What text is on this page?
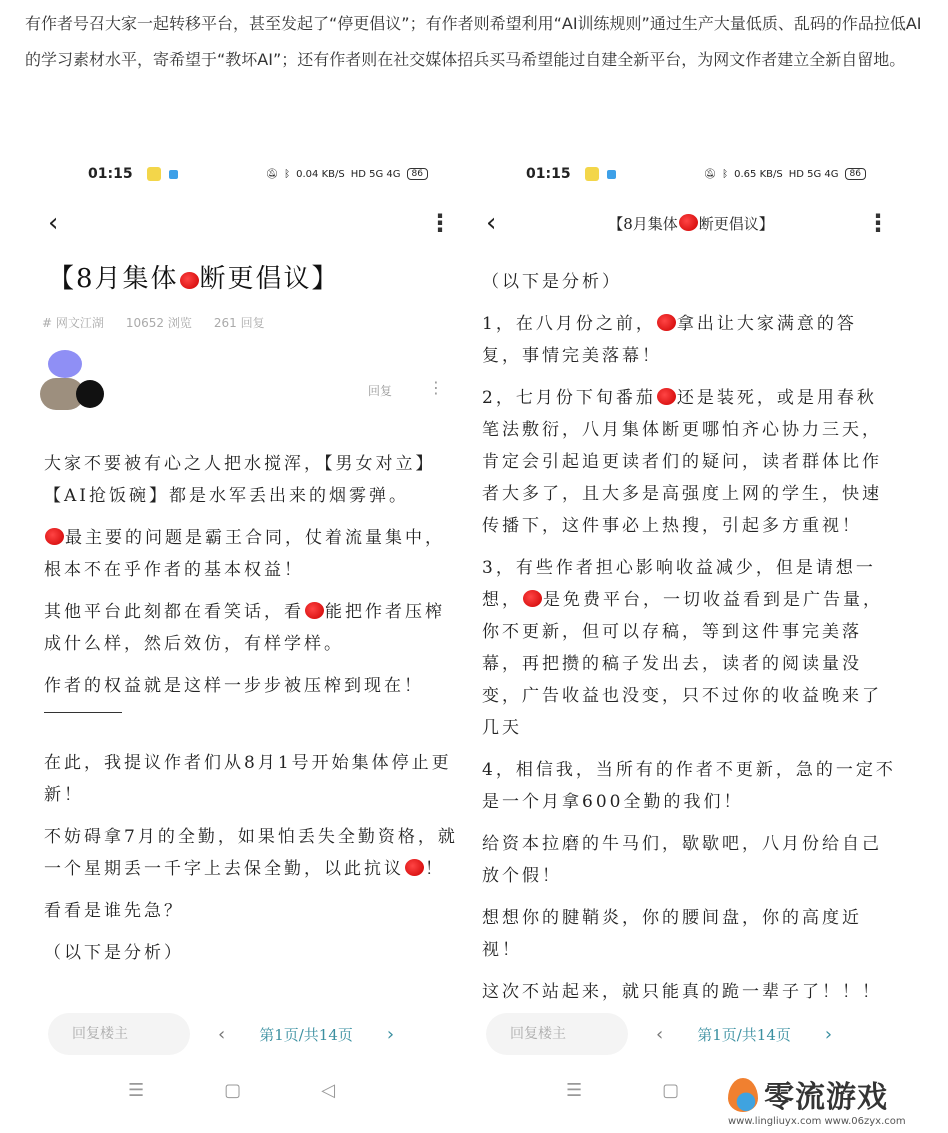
有作者号召大家一起转移平台，甚至发起了“停更倡议”；有作者则希望利用“AI训练规则”通过生产大量低质、乱码的作品拉低AI的学习素材水平，寄希望于“教坏AI”；还有作者则在社交媒体招兵买马希望能过自建全新平台，为网文作者建立全新自留地。
01:15	🔕︎ ᛒ 0.04 KB/S HD 5G 4G	86
‹	⋮
【8月集体 断更倡议】
# 网文江湖 10652 浏览 261 回复
回复 ⋮
大家不要被有心之人把水搅浑，【男女对立】
【AI抢饭碗】都是水军丢出来的烟雾弹。
最主要的问题是霸王合同，仗着流量集中，
根本不在乎作者的基本权益！
其他平台此刻都在看笑话，看 能把作者压榨
成什么样，然后效仿，有样学样。
作者的权益就是这样一步步被压榨到现在！
在此，我提议作者们从8月1号开始集体停止更
新！
不妨碍拿7月的全勤，如果怕丢失全勤资格，就
一个星期丢一千字上去保全勤，以此抗议 ！
看看是谁先急？
（以下是分析）
回复楼主	‹ 第1页/共14页 ›
☰	▢	◁
01:15	🔕︎ ᛒ 0.65 KB/S HD 5G 4G	86
‹	【8月集体 断更倡议】	⋮
（以下是分析）
1，在八月份之前， 拿出让大家满意的答
复，事情完美落幕！
2，七月份下旬番茄 还是装死，或是用春秋
笔法敷衍，八月集体断更哪怕齐心协力三天，
肯定会引起追更读者们的疑问，读者群体比作
者大多了，且大多是高强度上网的学生，快速
传播下，这件事必上热搜，引起多方重视！
3，有些作者担心影响收益减少，但是请想一
想， 是免费平台，一切收益看到是广告量，
你不更新，但可以存稿，等到这件事完美落
幕，再把攒的稿子发出去，读者的阅读量没
变，广告收益也没变，只不过你的收益晚来了
几天
4，相信我，当所有的作者不更新，急的一定不
是一个月拿600全勤的我们！
给资本拉磨的牛马们，歇歇吧，八月份给自己
放个假！
想想你的腱鞘炎，你的腰间盘，你的高度近
视！
这次不站起来，就只能真的跪一辈子了！！！
回复楼主	‹ 第1页/共14页 ›
☰	▢	零流游戏
www.lingliuyx.com www.06zyx.com
